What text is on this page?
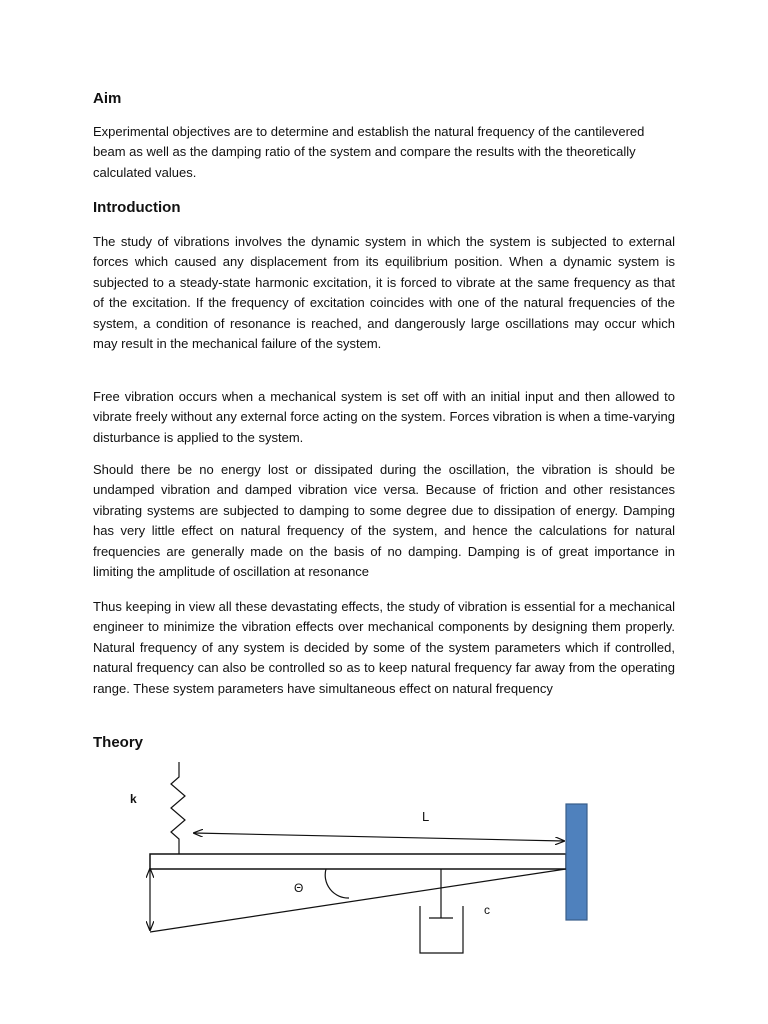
Aim

Experimental objectives are to determine and establish the natural frequency of the cantilevered beam as well as the damping ratio of the system and compare the results with the theoretically calculated values.

Introduction

The study of vibrations involves the dynamic system in which the system is subjected to external forces which caused any displacement from its equilibrium position. When a dynamic system is subjected to a steady-state harmonic excitation, it is forced to vibrate at the same frequency as that of the excitation. If the frequency of excitation coincides with one of the natural frequencies of the system, a condition of resonance is reached, and dangerously large oscillations may occur which may result in the mechanical failure of the system.

Free vibration occurs when a mechanical system is set off with an initial input and then allowed to vibrate freely without any external force acting on the system. Forces vibration is when a time-varying disturbance is applied to the system.

Should there be no energy lost or dissipated during the oscillation, the vibration is should be undamped vibration and damped vibration vice versa. Because of friction and other resistances vibrating systems are subjected to damping to some degree due to dissipation of energy. Damping has very little effect on natural frequency of the system, and hence the calculations for natural frequencies are generally made on the basis of no damping. Damping is of great importance in limiting the amplitude of oscillation at resonance

Thus keeping in view all these devastating effects, the study of vibration is essential for a mechanical engineer to minimize the vibration effects over mechanical components by designing them properly. Natural frequency of any system is decided by some of the system parameters which if controlled, natural frequency can also be controlled so as to keep natural frequency far away from the operating range. These system parameters have simultaneous effect on natural frequency

Theory
k
L
Θ
c
